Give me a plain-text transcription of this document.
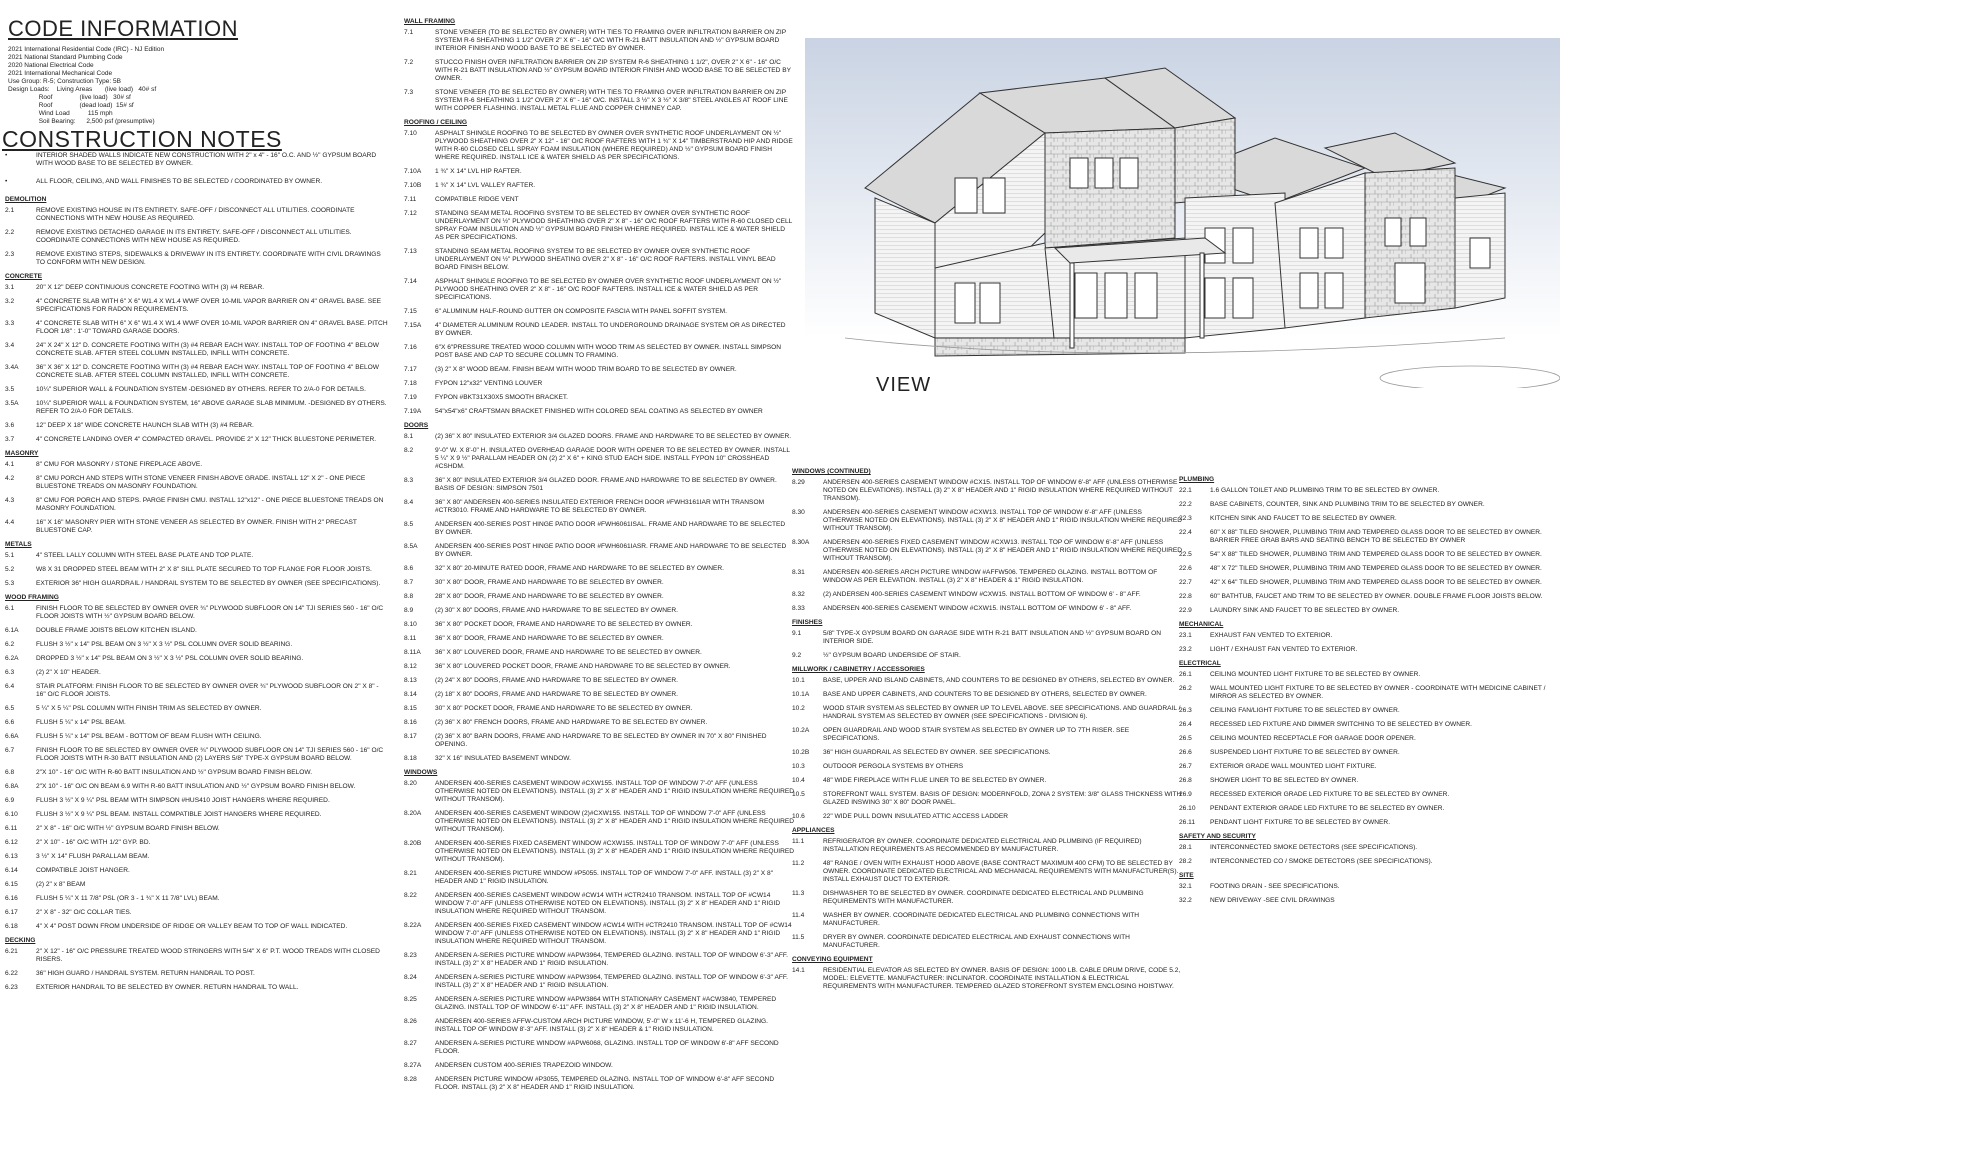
CODE INFORMATION
2021 International Residential Code (IRC) - NJ Edition
2021 National Standard Plumbing Code
2020 National Electrical Code
2021 International Mechanical Code
Use Group: R-5; Construction Type: 5B
Design Loads:    Living Areas       (live load)   40# sf
Roof               (live load)   30# sf
Roof               (dead load)  15# sf
Wind Load          115 mph
Soil Bearing:      2,500 psf (presumptive)
CONSTRUCTION NOTES
•	INTERIOR SHADED WALLS INDICATE NEW CONSTRUCTION WITH 2" x 4" - 16" O.C. AND ½" GYPSUM BOARD WITH WOOD BASE TO BE SELECTED BY OWNER.
•	ALL FLOOR, CEILING, AND WALL FINISHES TO BE SELECTED / COORDINATED BY OWNER.
DEMOLITION
2.1	REMOVE EXISTING HOUSE IN ITS ENTIRETY. SAFE-OFF / DISCONNECT ALL UTILITIES. COORDINATE CONNECTIONS WITH NEW HOUSE AS REQUIRED.
2.2	REMOVE EXISTING DETACHED GARAGE IN ITS ENTIRETY. SAFE-OFF / DISCONNECT ALL UTILITIES. COORDINATE CONNECTIONS WITH NEW HOUSE AS REQUIRED.
2.3	REMOVE EXISTING STEPS, SIDEWALKS & DRIVEWAY IN ITS ENTIRETY. COORDINATE WITH CIVIL DRAWINGS TO CONFORM WITH NEW DESIGN.
CONCRETE
3.1	20" X 12" DEEP CONTINUOUS CONCRETE FOOTING WITH (3) #4 REBAR.
3.2	4" CONCRETE SLAB WITH 6" X 6" W1.4 X W1.4 WWF OVER 10-MIL VAPOR BARRIER ON 4" GRAVEL BASE. SEE SPECIFICATIONS FOR RADON REQUIREMENTS.
3.3	4" CONCRETE SLAB WITH 6" X 6" W1.4 X W1.4 WWF OVER 10-MIL VAPOR BARRIER ON 4" GRAVEL BASE. PITCH FLOOR 1/8" : 1'-0" TOWARD GARAGE DOORS.
3.4	24" X 24" X 12" D. CONCRETE FOOTING WITH (3) #4 REBAR EACH WAY. INSTALL TOP OF FOOTING 4" BELOW CONCRETE SLAB. AFTER STEEL COLUMN INSTALLED, INFILL WITH CONCRETE.
3.4A	36" X 36" X 12" D. CONCRETE FOOTING WITH (3) #4 REBAR EACH WAY. INSTALL TOP OF FOOTING 4" BELOW CONCRETE SLAB. AFTER STEEL COLUMN INSTALLED, INFILL WITH CONCRETE.
3.5	10¼" SUPERIOR WALL & FOUNDATION SYSTEM -DESIGNED BY OTHERS. REFER TO 2/A-0 FOR DETAILS.
3.5A	10¼" SUPERIOR WALL & FOUNDATION SYSTEM, 16" ABOVE GARAGE SLAB MINIMUM. -DESIGNED BY OTHERS. REFER TO 2/A-0 FOR DETAILS.
3.6	12" DEEP X 18" WIDE CONCRETE HAUNCH SLAB WITH (3) #4 REBAR.
3.7	4" CONCRETE LANDING OVER 4" COMPACTED GRAVEL. PROVIDE 2" X 12" THICK BLUESTONE PERIMETER.
MASONRY
4.1	8" CMU FOR MASONRY / STONE FIREPLACE ABOVE.
4.2	8" CMU PORCH AND STEPS WITH STONE VENEER FINISH ABOVE GRADE. INSTALL 12" X 2" - ONE PIECE BLUESTONE TREADS ON MASONRY FOUNDATION.
4.3	8" CMU FOR PORCH AND STEPS. PARGE FINISH CMU. INSTALL 12"x12" - ONE PIECE BLUESTONE TREADS ON MASONRY FOUNDATION.
4.4	16" X 16" MASONRY PIER WITH STONE VENEER AS SELECTED BY OWNER. FINISH WITH 2" PRECAST BLUESTONE CAP.
METALS
5.1	4" STEEL LALLY COLUMN WITH STEEL BASE PLATE AND TOP PLATE.
5.2	W8 X 31 DROPPED STEEL BEAM WITH 2" X 8" SILL PLATE SECURED TO TOP FLANGE FOR FLOOR JOISTS.
5.3	EXTERIOR 36" HIGH GUARDRAIL / HANDRAIL SYSTEM TO BE SELECTED BY OWNER (SEE SPECIFICATIONS).
WOOD FRAMING
6.1	FINISH FLOOR TO BE SELECTED BY OWNER OVER ¾" PLYWOOD SUBFLOOR ON 14" TJI SERIES 560 - 16" O/C FLOOR JOISTS WITH ½" GYPSUM BOARD BELOW.
6.1A	DOUBLE FRAME JOISTS BELOW KITCHEN ISLAND.
6.2	FLUSH 3 ½" x 14" PSL BEAM ON 3 ½" X 3 ½" PSL COLUMN OVER SOLID BEARING.
6.2A	DROPPED 3 ½" x 14" PSL BEAM ON 3 ½" X 3 ½" PSL COLUMN OVER SOLID BEARING.
6.3	(2) 2" X 10" HEADER.
6.4	STAIR PLATFORM: FINISH FLOOR TO BE SELECTED BY OWNER OVER ¾" PLYWOOD SUBFLOOR ON 2" X 8" - 16" O/C FLOOR JOISTS.
6.5	5 ¼" X 5 ¼" PSL COLUMN WITH FINISH TRIM AS SELECTED BY OWNER.
6.6	FLUSH 5 ¼" x 14" PSL BEAM.
6.6A	FLUSH 5 ¼" x 14" PSL BEAM - BOTTOM OF BEAM FLUSH WITH CEILING.
6.7	FINISH FLOOR TO BE SELECTED BY OWNER OVER ¾" PLYWOOD SUBFLOOR ON 14" TJI SERIES 560 - 16" O/C FLOOR JOISTS WITH R-30 BATT INSULATION AND (2) LAYERS 5/8" TYPE-X GYPSUM BOARD BELOW.
6.8	2"X 10" - 16" O/C WITH R-60 BATT INSULATION AND ½" GYPSUM BOARD FINISH BELOW.
6.8A	2"X 10" - 16" O/C ON BEAM 6.9 WITH R-60 BATT INSULATION AND ½" GYPSUM BOARD FINISH BELOW.
6.9	FLUSH 3 ½" X 9 ¼" PSL BEAM WITH SIMPSON #HUS410 JOIST HANGERS WHERE REQUIRED.
6.10	FLUSH 3 ½" X 9 ¼" PSL BEAM. INSTALL COMPATIBLE JOIST HANGERS WHERE REQUIRED.
6.11	2" X 8" - 16" O/C WITH ½" GYPSUM BOARD FINISH BELOW.
6.12	2" X 10" - 16" O/C WITH 1/2" GYP. BD.
6.13	3 ½" X 14" FLUSH PARALLAM BEAM.
6.14	COMPATIBLE JOIST HANGER.
6.15	(2) 2" x 8" BEAM
6.16	FLUSH 5 ¼" X 11 7/8" PSL (OR 3 - 1 ¾" X 11 7/8" LVL) BEAM.
6.17	2" X 8" - 32" O/C COLLAR TIES.
6.18	4" X 4" POST DOWN FROM UNDERSIDE OF RIDGE OR VALLEY BEAM TO TOP OF WALL INDICATED.
DECKING
6.21	2" X 12" - 16" O/C PRESSURE TREATED WOOD STRINGERS WITH 5/4" X 6" P.T. WOOD TREADS WITH CLOSED RISERS.
6.22	36" HIGH GUARD / HANDRAIL SYSTEM. RETURN HANDRAIL TO POST.
6.23	EXTERIOR HANDRAIL TO BE SELECTED BY OWNER. RETURN HANDRAIL TO WALL.
WALL FRAMING
7.1	STONE VENEER (TO BE SELECTED BY OWNER) WITH TIES TO FRAMING OVER INFILTRATION BARRIER ON ZIP SYSTEM R-6 SHEATHING 1 1/2" OVER 2" X 6" - 16" O/C WITH R-21 BATT INSULATION AND ½" GYPSUM BOARD INTERIOR FINISH AND WOOD BASE TO BE SELECTED BY OWNER.
7.2	STUCCO FINISH OVER INFILTRATION BARRIER ON ZIP SYSTEM R-6 SHEATHING 1 1/2", OVER 2" X 6" - 16" O/C WITH R-21 BATT INSULATION AND ½" GYPSUM BOARD INTERIOR FINISH AND WOOD BASE TO BE SELECTED BY OWNER.
7.3	STONE VENEER (TO BE SELECTED BY OWNER) WITH TIES TO FRAMING OVER INFILTRATION BARRIER ON ZIP SYSTEM R-6 SHEATHING 1 1/2" OVER 2" X 6" - 16" O/C. INSTALL 3 ½" X 3 ½" X 3/8" STEEL ANGLES AT ROOF LINE WITH COPPER FLASHING. INSTALL METAL FLUE AND COPPER CHIMNEY CAP.
ROOFING / CEILING
7.10	ASPHALT SHINGLE ROOFING TO BE SELECTED BY OWNER OVER SYNTHETIC ROOF UNDERLAYMENT ON ½" PLYWOOD SHEATHING OVER 2" X 12" - 16" O/C ROOF RAFTERS WITH 1 ¾" X 14" TIMBERSTRAND HIP AND RIDGE WITH R-60 CLOSED CELL SPRAY FOAM INSULATION (WHERE REQUIRED) AND ½" GYPSUM BOARD FINISH WHERE REQUIRED. INSTALL ICE & WATER SHIELD AS PER SPECIFICATIONS.
7.10A	1 ¾" X 14" LVL HIP RAFTER.
7.10B	1 ¾" X 14" LVL VALLEY RAFTER.
7.11	COMPATIBLE RIDGE VENT
7.12	STANDING SEAM METAL ROOFING SYSTEM TO BE SELECTED BY OWNER OVER SYNTHETIC ROOF UNDERLAYMENT ON ½" PLYWOOD SHEATHING OVER 2" X 8" - 16" O/C ROOF RAFTERS WITH R-60 CLOSED CELL SPRAY FOAM INSULATION AND ½" GYPSUM BOARD FINISH WHERE REQUIRED. INSTALL ICE & WATER SHIELD AS PER SPECIFICATIONS.
7.13	STANDING SEAM METAL ROOFING SYSTEM TO BE SELECTED BY OWNER OVER SYNTHETIC ROOF UNDERLAYMENT ON ½" PLYWOOD SHEATING OVER 2" X 8" - 16" O/C ROOF RAFTERS. INSTALL VINYL BEAD BOARD FINISH BELOW.
7.14	ASPHALT SHINGLE ROOFING TO BE SELECTED BY OWNER OVER SYNTHETIC ROOF UNDERLAYMENT ON ½" PLYWOOD SHEATHING OVER 2" X 8" - 16" O/C ROOF RAFTERS. INSTALL ICE & WATER SHIELD AS PER SPECIFICATIONS.
7.15	6" ALUMINUM HALF-ROUND GUTTER ON COMPOSITE FASCIA WITH PANEL SOFFIT SYSTEM.
7.15A	4" DIAMETER ALUMINUM ROUND LEADER. INSTALL TO UNDERGROUND DRAINAGE SYSTEM OR AS DIRECTED BY OWNER.
7.16	6"X 6"PRESSURE TREATED WOOD COLUMN WITH WOOD TRIM AS SELECTED BY OWNER. INSTALL SIMPSON POST BASE AND CAP TO SECURE COLUMN TO FRAMING.
7.17	(3) 2" X 8" WOOD BEAM. FINISH BEAM WITH WOOD TRIM BOARD TO BE SELECTED BY OWNER.
7.18	FYPON 12"x32" VENTING LOUVER
7.19	FYPON #BKT31X30X5 SMOOTH BRACKET.
7.19A	54"x54"x6" CRAFTSMAN BRACKET FINISHED WITH COLORED SEAL COATING AS SELECTED BY OWNER
DOORS
8.1	(2) 36" X 80" INSULATED EXTERIOR 3/4 GLAZED DOORS. FRAME AND HARDWARE TO BE SELECTED BY OWNER.
8.2	9'-0" W. X 8'-0" H. INSULATED OVERHEAD GARAGE DOOR WITH OPENER TO BE SELECTED BY OWNER. INSTALL 5 ¼" X 9 ½" PARALLAM HEADER ON (2) 2" X 6" + KING STUD EACH SIDE. INSTALL FYPON 10" CROSSHEAD #CSHDM.
8.3	36" X 80" INSULATED EXTERIOR 3/4 GLAZED DOOR. FRAME AND HARDWARE TO BE SELECTED BY OWNER. BASIS OF DESIGN: SIMPSON 7501
8.4	36" X 80" ANDERSEN 400-SERIES INSULATED EXTERIOR FRENCH DOOR #FWH3161IAR WITH TRANSOM #CTR3010. FRAME AND HARDWARE TO BE SELECTED BY OWNER.
8.5	ANDERSEN 400-SERIES POST HINGE PATIO DOOR #FWH6061ISAL. FRAME AND HARDWARE TO BE SELECTED BY OWNER.
8.5A	ANDERSEN 400-SERIES POST HINGE PATIO DOOR #FWH6061IASR. FRAME AND HARDWARE TO BE SELECTED BY OWNER.
8.6	32" X 80" 20-MINUTE RATED DOOR, FRAME AND HARDWARE TO BE SELECTED BY OWNER.
8.7	30" X 80" DOOR, FRAME AND HARDWARE TO BE SELECTED BY OWNER.
8.8	28" X 80" DOOR, FRAME AND HARDWARE TO BE SELECTED BY OWNER.
8.9	(2) 30" X 80" DOORS, FRAME AND HARDWARE TO BE SELECTED BY OWNER.
8.10	36" X 80" POCKET DOOR, FRAME AND HARDWARE TO BE SELECTED BY OWNER.
8.11	36" X 80" DOOR, FRAME AND HARDWARE TO BE SELECTED BY OWNER.
8.11A	36" X 80" LOUVERED DOOR, FRAME AND HARDWARE TO BE SELECTED BY OWNER.
8.12	36" X 80" LOUVERED POCKET DOOR, FRAME AND HARDWARE TO BE SELECTED BY OWNER.
8.13	(2) 24" X 80" DOORS, FRAME AND HARDWARE TO BE SELECTED BY OWNER.
8.14	(2) 18" X 80" DOORS, FRAME AND HARDWARE TO BE SELECTED BY OWNER.
8.15	30" X 80" POCKET DOOR, FRAME AND HARDWARE TO BE SELECTED BY OWNER.
8.16	(2) 36" X 80" FRENCH DOORS, FRAME AND HARDWARE TO BE SELECTED BY OWNER.
8.17	(2) 36" X 80" BARN DOORS, FRAME AND HARDWARE TO BE SELECTED BY OWNER IN 70" X 80" FINISHED OPENING.
8.18	32" X 16" INSULATED BASEMENT WINDOW.
WINDOWS
8.20	ANDERSEN 400-SERIES CASEMENT WINDOW #CXW155. INSTALL TOP OF WINDOW 7'-0" AFF (UNLESS OTHERWISE NOTED ON ELEVATIONS). INSTALL (3) 2" X 8" HEADER AND 1" RIGID INSULATION WHERE REQUIRED WITHOUT TRANSOM).
8.20A	ANDERSEN 400-SERIES CASEMENT WINDOW (2)#CXW155. INSTALL TOP OF WINDOW 7'-0" AFF (UNLESS OTHERWISE NOTED ON ELEVATIONS). INSTALL (3) 2" X 8" HEADER AND 1" RIGID INSULATION WHERE REQUIRED WITHOUT TRANSOM).
8.20B	ANDERSEN 400-SERIES FIXED CASEMENT WINDOW #CXW155. INSTALL TOP OF WINDOW 7'-0" AFF (UNLESS OTHERWISE NOTED ON ELEVATIONS). INSTALL (3) 2" X 8" HEADER AND 1" RIGID INSULATION WHERE REQUIRED WITHOUT TRANSOM).
8.21	ANDERSEN 400-SERIES PICTURE WINDOW #P5055. INSTALL TOP OF WINDOW 7'-0" AFF. INSTALL (3) 2" X 8" HEADER AND 1" RIGID INSULATION.
8.22	ANDERSEN 400-SERIES CASEMENT WINDOW #CW14 WITH #CTR2410 TRANSOM. INSTALL TOP OF #CW14 WINDOW 7'-0" AFF (UNLESS OTHERWISE NOTED ON ELEVATIONS). INSTALL (3) 2" X 8" HEADER AND 1" RIGID INSULATION WHERE REQUIRED WITHOUT TRANSOM.
8.22A	ANDERSEN 400-SERIES FIXED CASEMENT WINDOW #CW14 WITH #CTR2410 TRANSOM. INSTALL TOP OF #CW14 WINDOW 7'-0" AFF (UNLESS OTHERWISE NOTED ON ELEVATIONS). INSTALL (3) 2" X 8" HEADER AND 1" RIGID INSULATION WHERE REQUIRED WITHOUT TRANSOM.
8.23	ANDERSEN A-SERIES PICTURE WINDOW #APW3964, TEMPERED GLAZING. INSTALL TOP OF WINDOW 6'-3" AFF. INSTALL (3) 2" X 8" HEADER AND 1" RIGID INSULATION.
8.24	ANDERSEN A-SERIES PICTURE WINDOW #APW3964, TEMPERED GLAZING. INSTALL TOP OF WINDOW 6'-3" AFF. INSTALL (3) 2" X 8" HEADER AND 1" RIGID INSULATION.
8.25	ANDERSEN A-SERIES PICTURE WINDOW #APW3864 WITH STATIONARY CASEMENT #ACW3840, TEMPERED GLAZING. INSTALL TOP OF WINDOW 6'-11" AFF. INSTALL (3) 2" X 8" HEADER AND 1" RIGID INSULATION.
8.26	ANDERSEN 400-SERIES AFFW-CUSTOM ARCH PICTURE WINDOW, 5'-0" W x 11'-6 H, TEMPERED GLAZING. INSTALL TOP OF WINDOW 8'-3" AFF. INSTALL (3) 2" X 8" HEADER & 1" RIGID INSULATION.
8.27	ANDERSEN A-SERIES PICTURE WINDOW #APW6068, GLAZING. INSTALL TOP OF WINDOW 6'-8" AFF SECOND FLOOR.
8.27A	ANDERSEN CUSTOM 400-SERIES TRAPEZOID WINDOW.
8.28	ANDERSEN PICTURE WINDOW #P3055, TEMPERED GLAZING. INSTALL TOP OF WINDOW 6'-8" AFF SECOND FLOOR. INSTALL (3) 2" X 8" HEADER AND 1" RIGID INSULATION.
WINDOWS (CONTINUED)
8.29	ANDERSEN 400-SERIES CASEMENT WINDOW #CX15. INSTALL TOP OF WINDOW 6'-8" AFF (UNLESS OTHERWISE NOTED ON ELEVATIONS). INSTALL (3) 2" X 8" HEADER AND 1" RIGID INSULATION WHERE REQUIRED WITHOUT TRANSOM).
8.30	ANDERSEN 400-SERIES CASEMENT WINDOW #CXW13. INSTALL TOP OF WINDOW 6'-8" AFF (UNLESS OTHERWISE NOTED ON ELEVATIONS). INSTALL (3) 2" X 8" HEADER AND 1" RIGID INSULATION WHERE REQUIRED WITHOUT TRANSOM).
8.30A	ANDERSEN 400-SERIES FIXED CASEMENT WINDOW #CXW13. INSTALL TOP OF WINDOW 6'-8" AFF (UNLESS OTHERWISE NOTED ON ELEVATIONS). INSTALL (3) 2" X 8" HEADER AND 1" RIGID INSULATION WHERE REQUIRED WITHOUT TRANSOM).
8.31	ANDERSEN 400-SERIES ARCH PICTURE WINDOW #AFFW506. TEMPERED GLAZING. INSTALL BOTTOM OF WINDOW AS PER ELEVATION. INSTALL (3) 2" X 8" HEADER & 1" RIGID INSULATION.
8.32	(2) ANDERSEN 400-SERIES CASEMENT WINDOW #CXW15. INSTALL BOTTOM OF WINDOW 6' - 8" AFF.
8.33	ANDERSEN 400-SERIES CASEMENT WINDOW #CXW15. INSTALL BOTTOM OF WINDOW 6' - 8" AFF.
FINISHES
9.1	5/8" TYPE-X GYPSUM BOARD ON GARAGE SIDE WITH R-21 BATT INSULATION AND ½" GYPSUM BOARD ON INTERIOR SIDE.
9.2	½" GYPSUM BOARD UNDERSIDE OF STAIR.
MILLWORK / CABINETRY / ACCESSORIES
10.1	BASE, UPPER AND ISLAND CABINETS, AND COUNTERS TO BE DESIGNED BY OTHERS, SELECTED BY OWNER.
10.1A	BASE AND UPPER CABINETS, AND COUNTERS TO BE DESIGNED BY OTHERS, SELECTED BY OWNER.
10.2	WOOD STAIR SYSTEM AS SELECTED BY OWNER UP TO LEVEL ABOVE. SEE SPECIFICATIONS. AND GUARDRAIL / HANDRAIL SYSTEM AS SELECTED BY OWNER (SEE SPECIFICATIONS - DIVISION 6).
10.2A	OPEN GUARDRAIL AND WOOD STAIR SYSTEM AS SELECTED BY OWNER UP TO 7TH RISER. SEE SPECIFICATIONS.
10.2B	36" HIGH GUARDRAIL AS SELECTED BY OWNER. SEE SPECIFICATIONS.
10.3	OUTDOOR PERGOLA SYSTEMS BY OTHERS
10.4	48" WIDE FIREPLACE WITH FLUE LINER TO BE SELECTED BY OWNER.
10.5	STOREFRONT WALL SYSTEM. BASIS OF DESIGN: MODERNFOLD, ZONA 2 SYSTEM: 3/8" GLASS THICKNESS WITH GLAZED INSWING 30" X 80" DOOR PANEL.
10.6	22" WIDE PULL DOWN INSULATED ATTIC ACCESS LADDER
APPLIANCES
11.1	REFRIGERATOR BY OWNER. COORDINATE DEDICATED ELECTRICAL AND PLUMBING (IF REQUIRED) INSTALLATION REQUIREMENTS AS RECOMMENDED BY MANUFACTURER.
11.2	48" RANGE / OVEN WITH EXHAUST HOOD ABOVE (BASE CONTRACT MAXIMUM 400 CFM) TO BE SELECTED BY OWNER. COORDINATE DEDICATED ELECTRICAL AND MECHANICAL REQUIREMENTS WITH MANUFACTURER(S). INSTALL EXHAUST DUCT TO EXTERIOR.
11.3	DISHWASHER TO BE SELECTED BY OWNER. COORDINATE DEDICATED ELECTRICAL AND PLUMBING REQUIREMENTS WITH MANUFACTURER.
11.4	WASHER BY OWNER. COORDINATE DEDICATED ELECTRICAL AND PLUMBING CONNECTIONS WITH MANUFACTURER.
11.5	DRYER BY OWNER. COORDINATE DEDICATED ELECTRICAL AND EXHAUST CONNECTIONS WITH MANUFACTURER.
CONVEYING EQUIPMENT
14.1	RESIDENTIAL ELEVATOR AS SELECTED BY OWNER. BASIS OF DESIGN: 1000 LB. CABLE DRUM DRIVE, CODE 5.2, MODEL: ELEVETTE. MANUFACTURER: INCLINATOR. COORDINATE INSTALLATION & ELECTRICAL REQUIREMENTS WITH MANUFACTURER. TEMPERED GLAZED STOREFRONT SYSTEM ENCLOSING HOISTWAY.
PLUMBING
22.1	1.6 GALLON TOILET AND PLUMBING TRIM TO BE SELECTED BY OWNER.
22.2	BASE CABINETS, COUNTER, SINK AND PLUMBING TRIM TO BE SELECTED BY OWNER.
22.3	KITCHEN SINK AND FAUCET TO BE SELECTED BY OWNER.
22.4	60" X 88" TILED SHOWER, PLUMBING TRIM AND TEMPERED GLASS DOOR TO BE SELECTED BY OWNER. BARRIER FREE GRAB BARS AND SEATING BENCH TO BE SELECTED BY OWNER
22.5	54" X 88" TILED SHOWER, PLUMBING TRIM AND TEMPERED GLASS DOOR TO BE SELECTED BY OWNER.
22.6	48" X 72" TILED SHOWER, PLUMBING TRIM AND TEMPERED GLASS DOOR TO BE SELECTED BY OWNER.
22.7	42" X 64" TILED SHOWER, PLUMBING TRIM AND TEMPERED GLASS DOOR TO BE SELECTED BY OWNER.
22.8	60" BATHTUB, FAUCET AND TRIM TO BE SELECTED BY OWNER. DOUBLE FRAME FLOOR JOISTS BELOW.
22.9	LAUNDRY SINK AND FAUCET TO BE SELECTED BY OWNER.
MECHANICAL
23.1	EXHAUST FAN VENTED TO EXTERIOR.
23.2	LIGHT / EXHAUST FAN VENTED TO EXTERIOR.
ELECTRICAL
26.1	CEILING MOUNTED LIGHT FIXTURE TO BE SELECTED BY OWNER.
26.2	WALL MOUNTED LIGHT FIXTURE TO BE SELECTED BY OWNER - COORDINATE WITH MEDICINE CABINET / MIRROR AS SELECTED BY OWNER.
26.3	CEILING FAN/LIGHT FIXTURE TO BE SELECTED BY OWNER.
26.4	RECESSED LED FIXTURE AND DIMMER SWITCHING TO BE SELECTED BY OWNER.
26.5	CEILING MOUNTED RECEPTACLE FOR GARAGE DOOR OPENER.
26.6	SUSPENDED LIGHT FIXTURE TO BE SELECTED BY OWNER.
26.7	EXTERIOR GRADE WALL MOUNTED LIGHT FIXTURE.
26.8	SHOWER LIGHT TO BE SELECTED BY OWNER.
26.9	RECESSED EXTERIOR GRADE LED FIXTURE TO BE SELECTED BY OWNER.
26.10	PENDANT EXTERIOR GRADE LED FIXTURE TO BE SELECTED BY OWNER.
26.11	PENDANT LIGHT FIXTURE TO BE SELECTED BY OWNER.
SAFETY AND SECURITY
28.1	INTERCONNECTED SMOKE DETECTORS (SEE SPECIFICATIONS).
28.2	INTERCONNECTED CO / SMOKE DETECTORS (SEE SPECIFICATIONS).
SITE
32.1	FOOTING DRAIN - SEE SPECIFICATIONS.
32.2	NEW DRIVEWAY -SEE CIVIL DRAWINGS
VIEW
